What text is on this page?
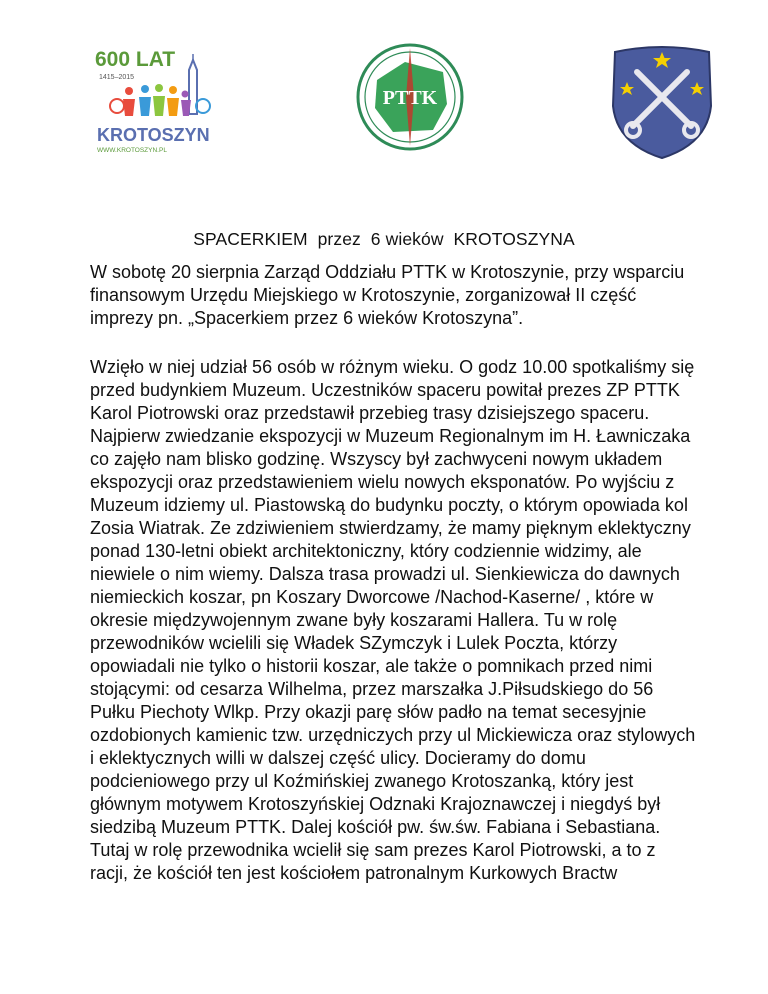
600 LAT
1415–2015
KROTOSZYN
WWW.KROTOSZYN.PL
PTTK
SPACERKIEM  przez  6 wieków  KROTOSZYNA
W sobotę 20 sierpnia Zarząd Oddziału PTTK w Krotoszynie, przy wsparciu
finansowym Urzędu Miejskiego w Krotoszynie, zorganizował II część
imprezy pn. „Spacerkiem przez 6 wieków Krotoszyna”.
Wzięło w niej udział 56 osób w różnym wieku. O godz 10.00 spotkaliśmy się
przed budynkiem Muzeum. Uczestników spaceru powitał prezes ZP PTTK
Karol Piotrowski oraz przedstawił przebieg trasy dzisiejszego spaceru.
Najpierw zwiedzanie ekspozycji w Muzeum Regionalnym im H. Ławniczaka
co zajęło nam blisko godzinę. Wszyscy był zachwyceni nowym układem
ekspozycji oraz przedstawieniem wielu nowych eksponatów. Po wyjściu z
Muzeum idziemy ul. Piastowską do budynku poczty, o którym opowiada kol
Zosia Wiatrak. Ze zdziwieniem stwierdzamy, że mamy pięknym eklektyczny
ponad 130-letni obiekt architektoniczny, który codziennie widzimy, ale
niewiele o nim wiemy. Dalsza trasa prowadzi ul. Sienkiewicza do dawnych
niemieckich koszar, pn Koszary Dworcowe /Nachod-Kaserne/ , które w
okresie międzywojennym zwane były koszarami Hallera. Tu w rolę
przewodników wcielili się Władek SZymczyk i Lulek Poczta, którzy
opowiadali nie tylko o historii koszar, ale także o pomnikach przed nimi
stojącymi: od cesarza Wilhelma, przez marszałka J.Piłsudskiego do 56
Pułku Piechoty Wlkp. Przy okazji parę słów padło na temat secesyjnie
ozdobionych kamienic tzw. urzędniczych przy ul Mickiewicza oraz stylowych
i eklektycznych willi w dalszej część ulicy. Docieramy do domu
podcieniowego przy ul Koźmińskiej zwanego Krotoszanką, który jest
głównym motywem Krotoszyńskiej Odznaki Krajoznawczej i niegdyś był
siedzibą Muzeum PTTK. Dalej kościół pw. św.św. Fabiana i Sebastiana.
Tutaj w rolę przewodnika wcielił się sam prezes Karol Piotrowski, a to z
racji, że kościół ten jest kościołem patronalnym Kurkowych Bractw
